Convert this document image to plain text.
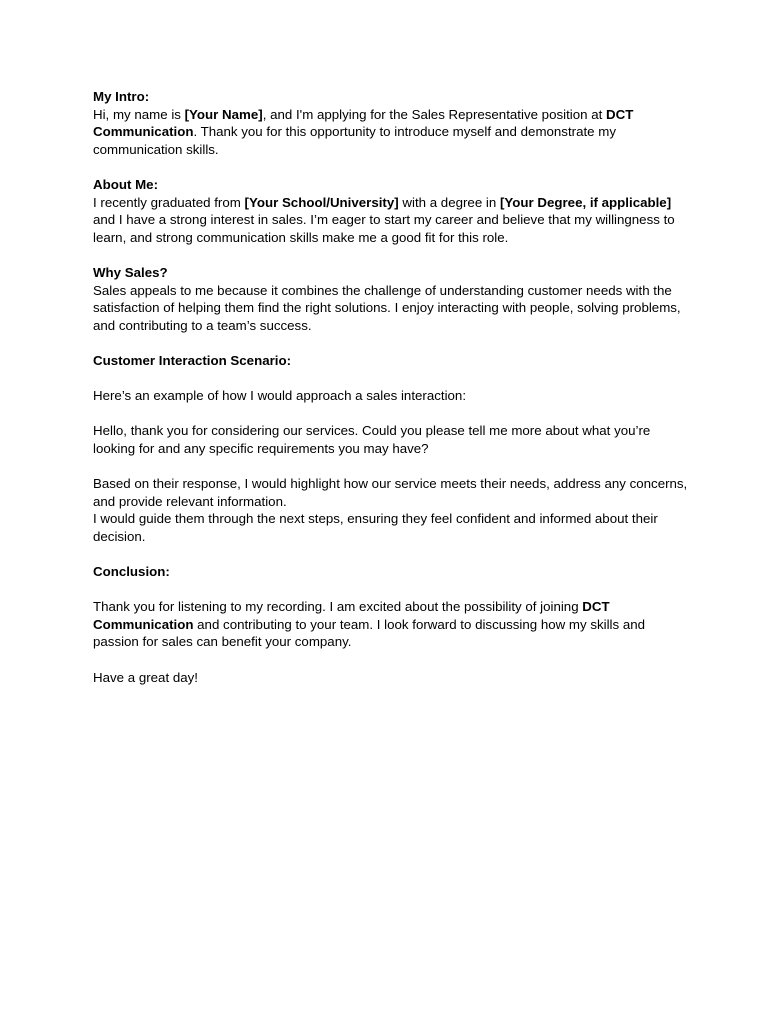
My Intro:

Hi, my name is [Your Name], and I'm applying for the Sales Representative position at DCT Communication. Thank you for this opportunity to introduce myself and demonstrate my communication skills.

About Me:

I recently graduated from [Your School/University] with a degree in [Your Degree, if applicable] and I have a strong interest in sales. I’m eager to start my career and believe that my willingness to learn, and strong communication skills make me a good fit for this role.

Why Sales?

Sales appeals to me because it combines the challenge of understanding customer needs with the satisfaction of helping them find the right solutions. I enjoy interacting with people, solving problems, and contributing to a team’s success.

Customer Interaction Scenario:

Here’s an example of how I would approach a sales interaction:

Hello, thank you for considering our services. Could you please tell me more about what you’re looking for and any specific requirements you may have?

Based on their response, I would highlight how our service meets their needs, address any concerns, and provide relevant information.

I would guide them through the next steps, ensuring they feel confident and informed about their decision.

Conclusion:

Thank you for listening to my recording. I am excited about the possibility of joining DCT Communication and contributing to your team. I look forward to discussing how my skills and passion for sales can benefit your company.

Have a great day!
